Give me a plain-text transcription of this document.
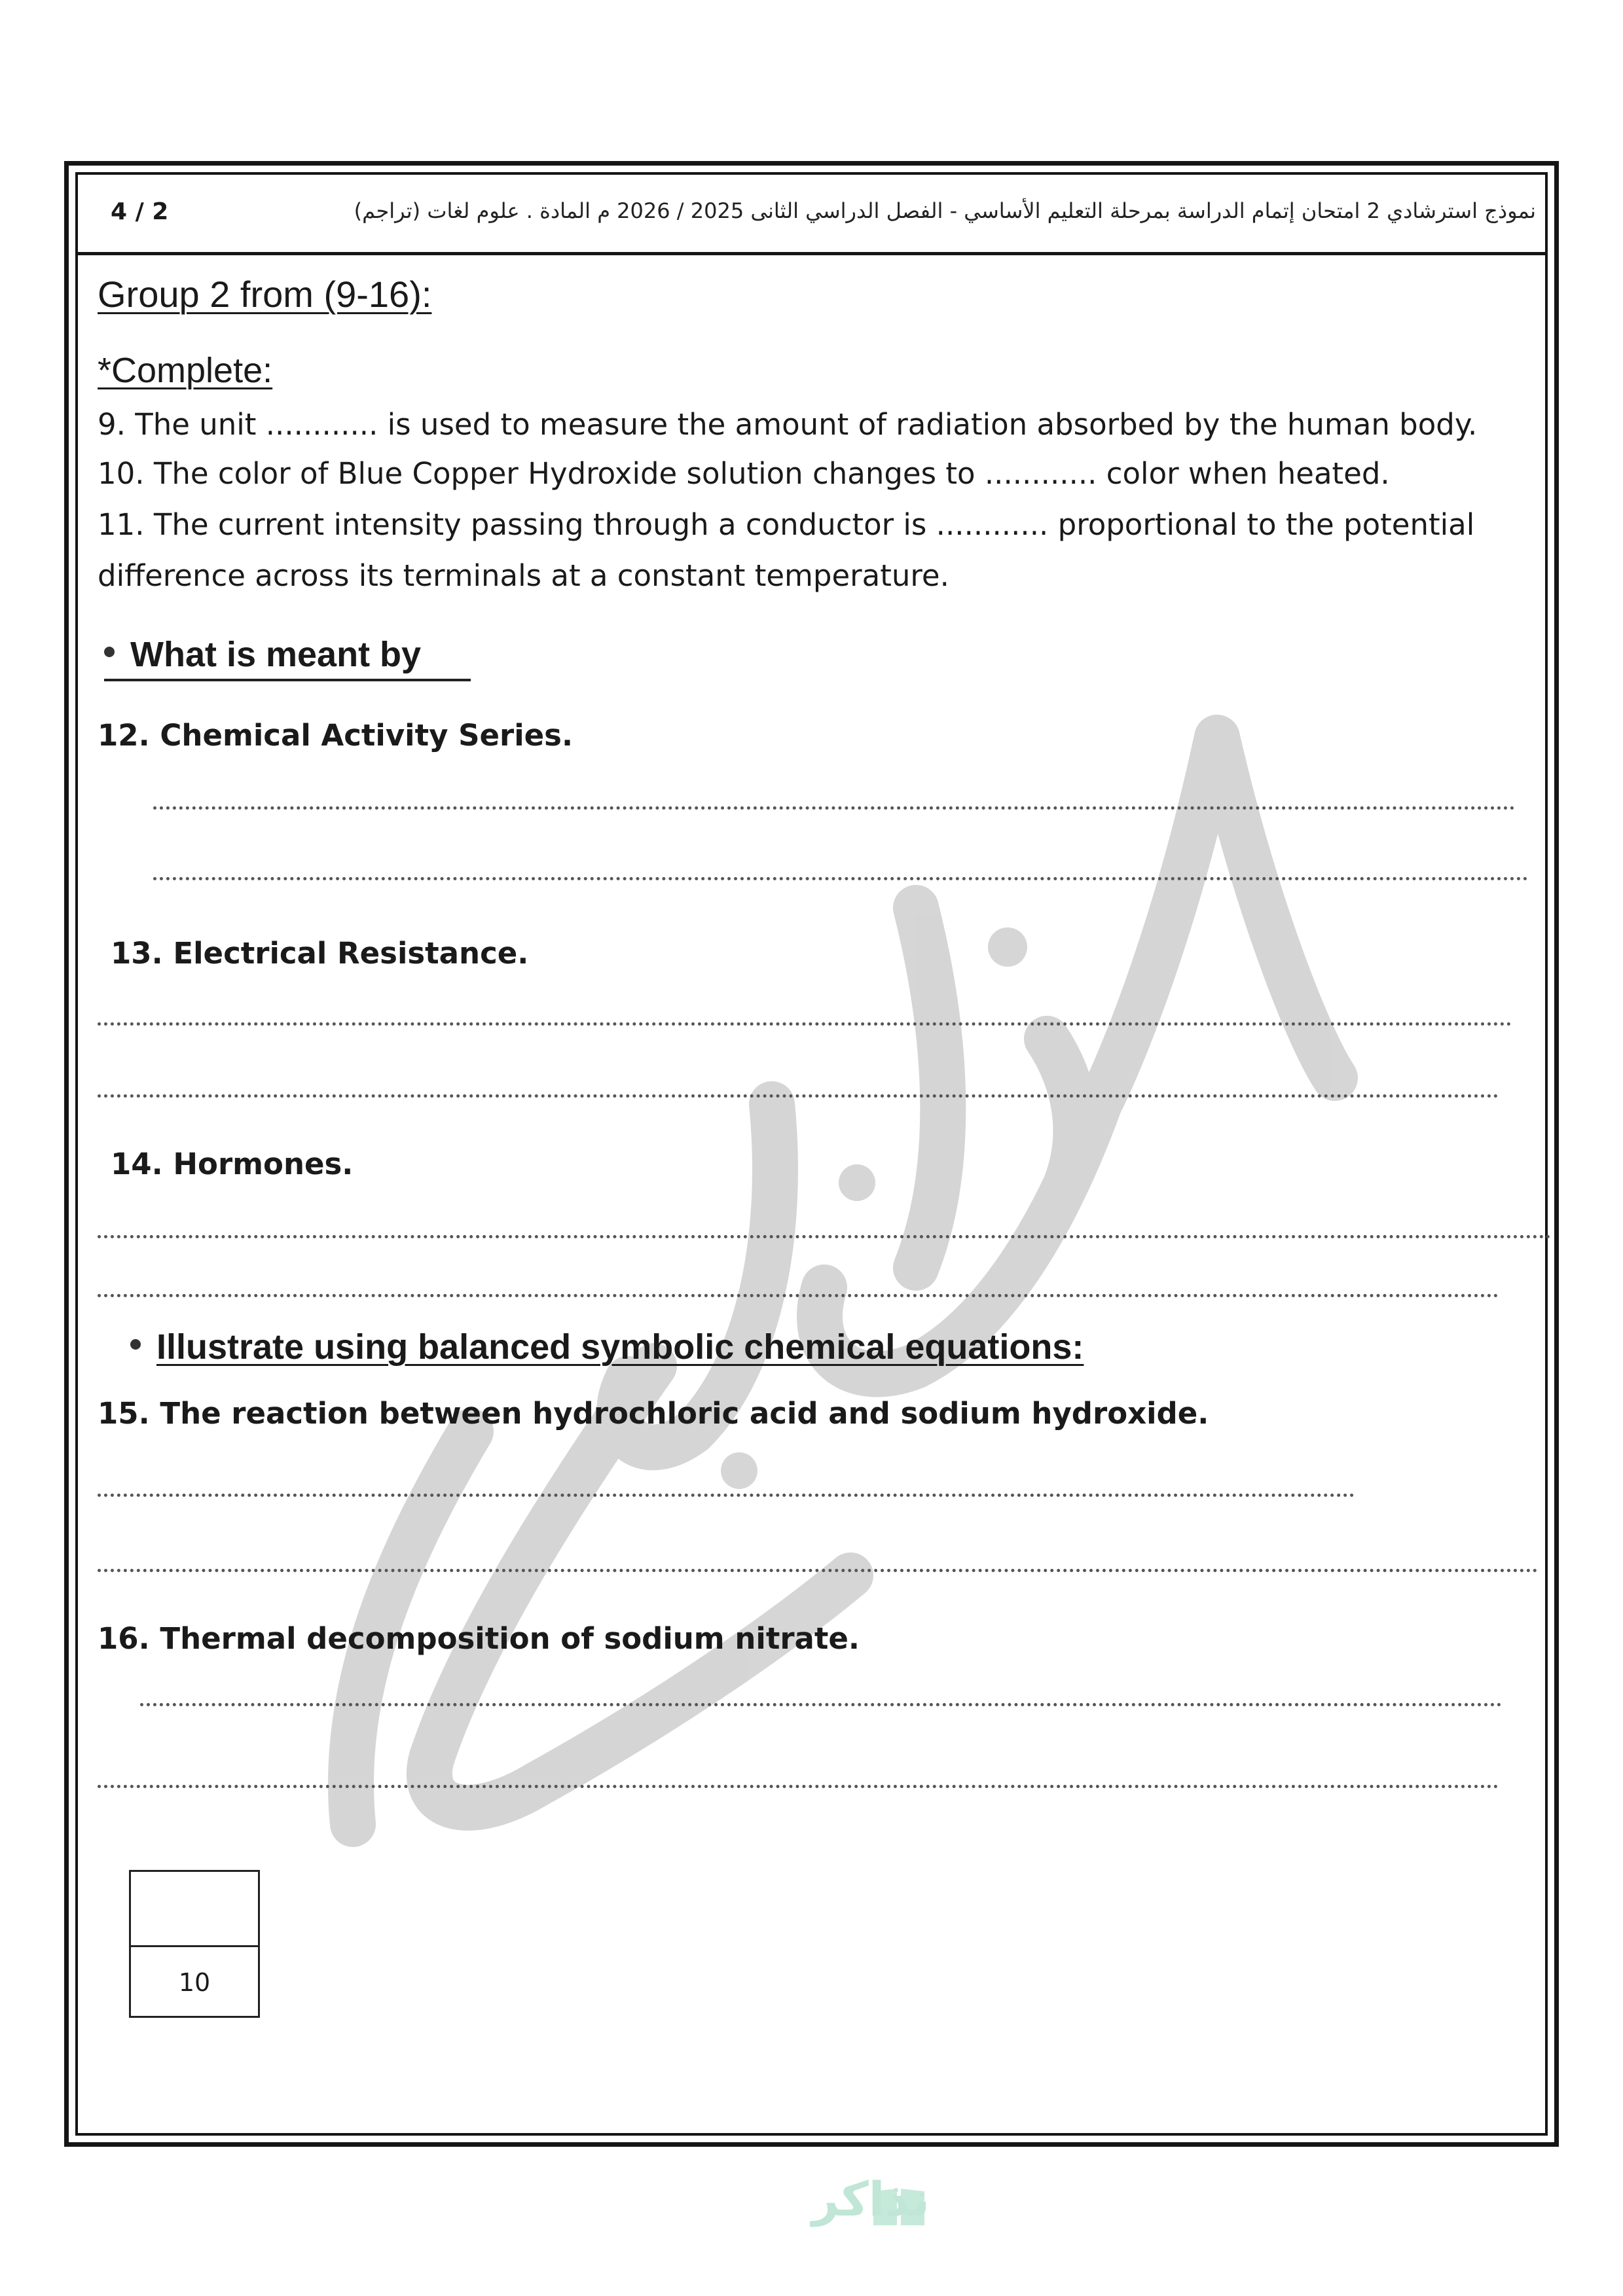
4 / 2	نموذج استرشادي 2 امتحان إتمام الدراسة بمرحلة التعليم الأساسي - الفصل الدراسي الثانى 2025 / 2026 م المادة . علوم لغات (تراجم)
Group 2 from (9-16):
*Complete:
9. The unit ............ is used to measure the amount of radiation absorbed by the human body.
10. The color of Blue Copper Hydroxide solution changes to ............ color when heated.
11. The current intensity passing through a conductor is ............ proportional to the potential
difference across its terminals at a constant temperature.
What is meant by
12. Chemical Activity Series.
13. Electrical Resistance.
14. Hormones.
Illustrate using balanced symbolic chemical equations:
15. The reaction between hydrochloric acid and sodium hydroxide.
16. Thermal decomposition of sodium nitrate.
10
نذاكر
